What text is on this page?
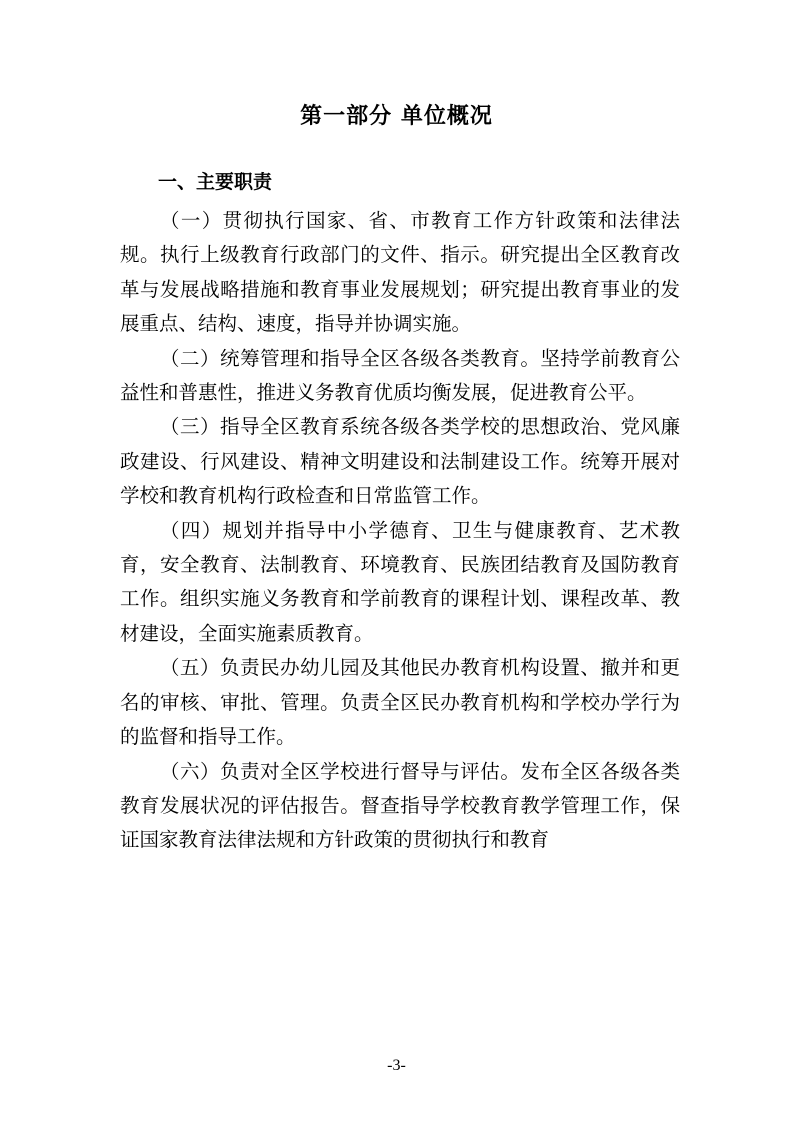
第一部分 单位概况
一、主要职责

（一）贯彻执行国家、省、市教育工作方针政策和法律法规。执行上级教育行政部门的文件、指示。研究提出全区教育改革与发展战略措施和教育事业发展规划；研究提出教育事业的发展重点、结构、速度，指导并协调实施。

（二）统筹管理和指导全区各级各类教育。坚持学前教育公益性和普惠性，推进义务教育优质均衡发展，促进教育公平。

（三）指导全区教育系统各级各类学校的思想政治、党风廉政建设、行风建设、精神文明建设和法制建设工作。统筹开展对学校和教育机构行政检查和日常监管工作。

（四）规划并指导中小学德育、卫生与健康教育、艺术教育，安全教育、法制教育、环境教育、民族团结教育及国防教育工作。组织实施义务教育和学前教育的课程计划、课程改革、教材建设，全面实施素质教育。

（五）负责民办幼儿园及其他民办教育机构设置、撤并和更名的审核、审批、管理。负责全区民办教育机构和学校办学行为的监督和指导工作。

（六）负责对全区学校进行督导与评估。发布全区各级各类教育发展状况的评估报告。督查指导学校教育教学管理工作，保证国家教育法律法规和方针政策的贯彻执行和教育

-3-
